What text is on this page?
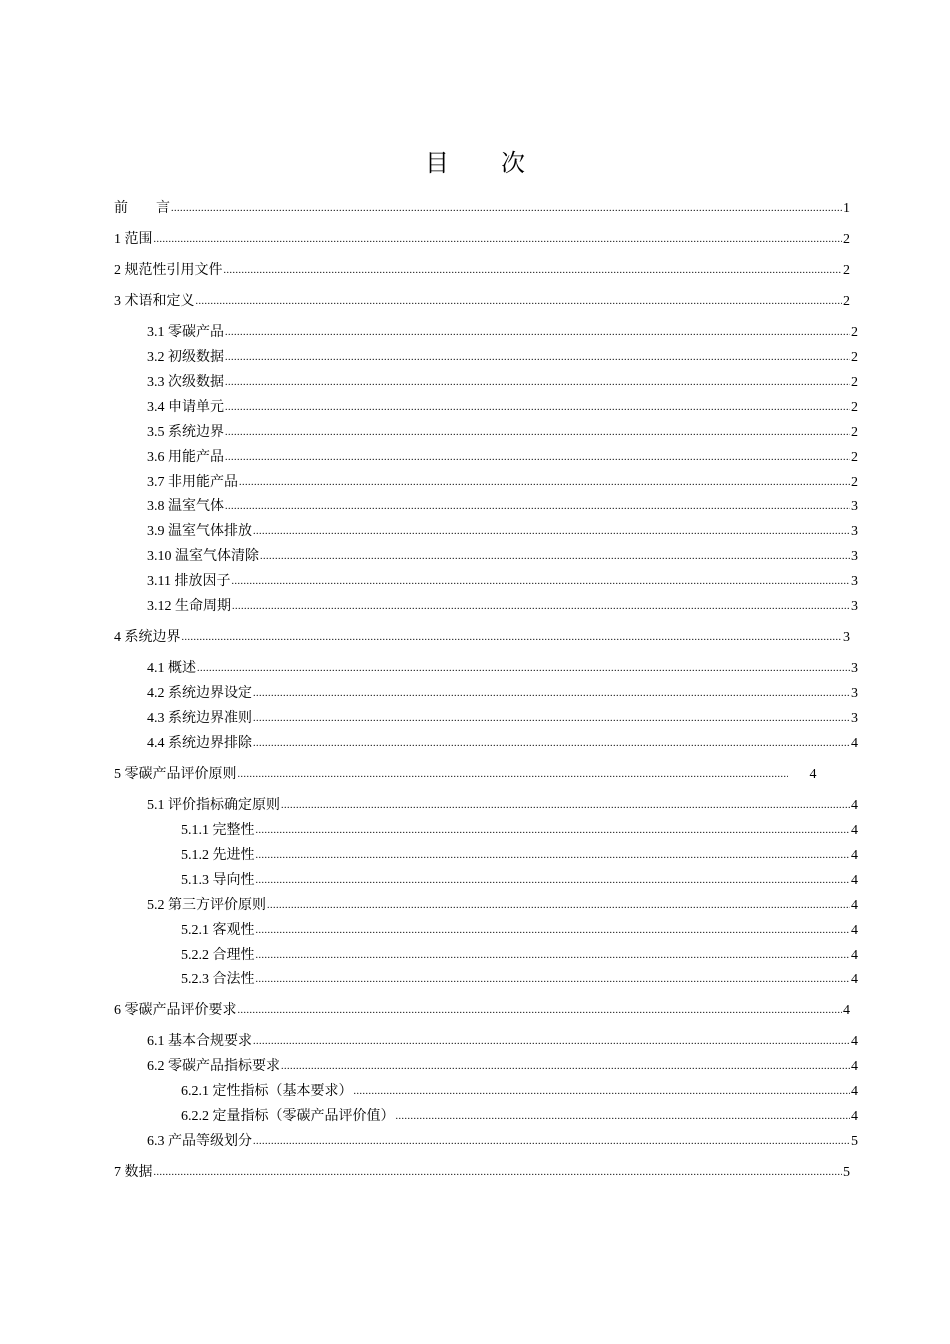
目 次
前 言 .....	1
1 范围 .....	2
2 规范性引用文件 .....	2
3 术语和定义 .....	2
3.1 零碳产品 .....	2
3.2 初级数据 .....	2
3.3 次级数据 .....	2
3.4 申请单元 .....	2
3.5 系统边界 .....	2
3.6 用能产品 .....	2
3.7 非用能产品 .....	2
3.8 温室气体 .....	3
3.9 温室气体排放 .....	3
3.10 温室气体清除 .....	3
3.11 排放因子 .....	3
3.12 生命周期 .....	3
4 系统边界 .....	3
4.1 概述 .....	3
4.2 系统边界设定 .....	3
4.3 系统边界准则 .....	3
4.4 系统边界排除 .....	4
5 零碳产品评价原则 .....	4
5.1 评价指标确定原则 .....	4
5.1.1 完整性 .....	4
5.1.2 先进性 .....	4
5.1.3 导向性 .....	4
5.2 第三方评价原则 .....	4
5.2.1 客观性 .....	4
5.2.2 合理性 .....	4
5.2.3 合法性 .....	4
6 零碳产品评价要求 .....	4
6.1 基本合规要求 .....	4
6.2 零碳产品指标要求 .....	4
6.2.1 定性指标（基本要求） .....	4
6.2.2 定量指标（零碳产品评价值） .....	4
6.3 产品等级划分 .....	5
7 数据 .....	5
